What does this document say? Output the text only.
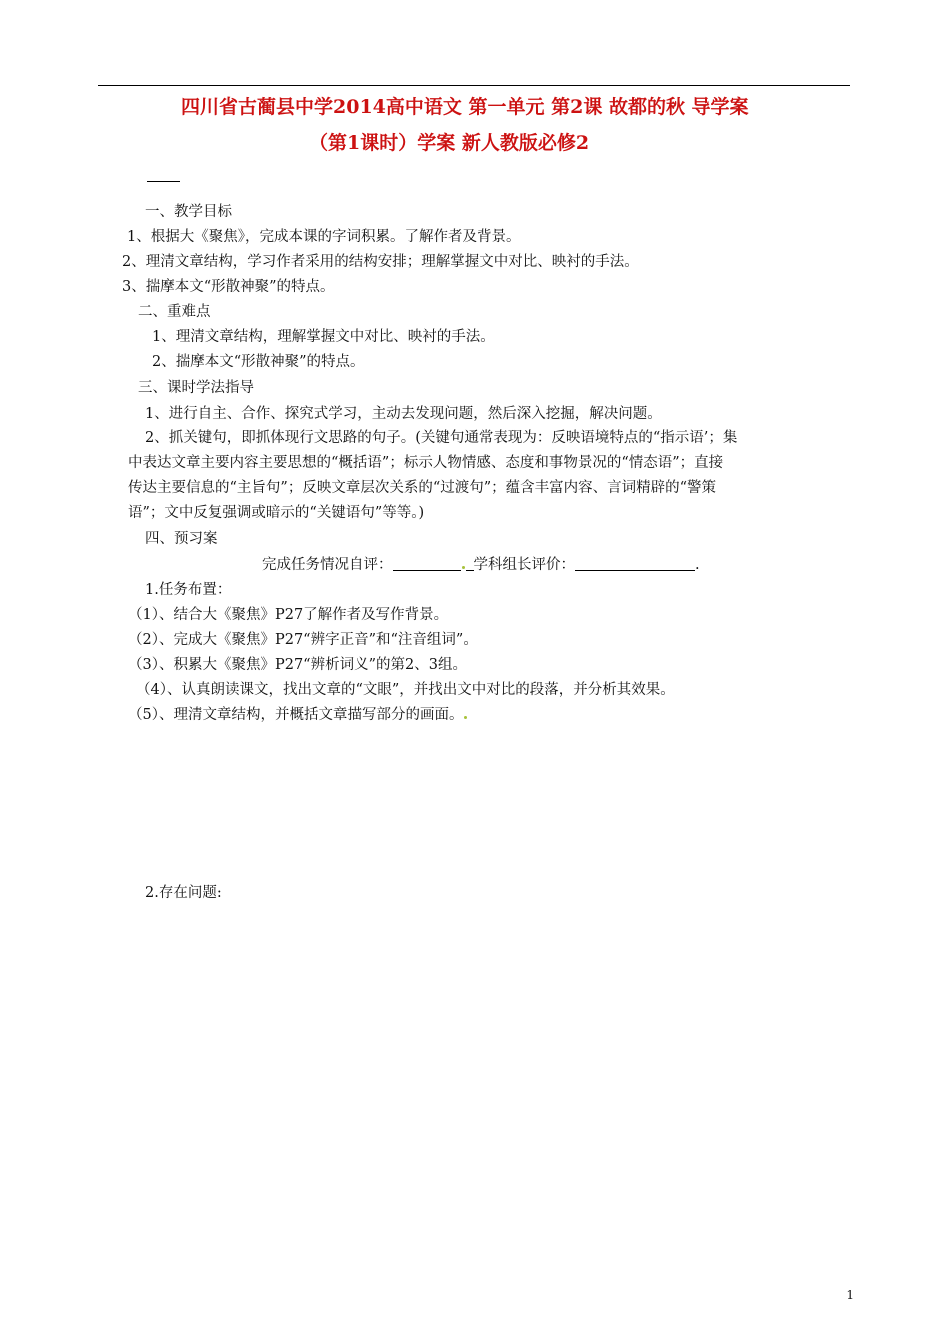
四川省古蔺县中学2014高中语文 第一单元 第2课 故都的秋 导学案
（第1课时）学案 新人教版必修2
一、教学目标
1、根据大《聚焦》，完成本课的字词积累。了解作者及背景。
2、理清文章结构，学习作者采用的结构安排；理解掌握文中对比、映衬的手法。
3、揣摩本文“形散神聚”的特点。
二、重难点
1、理清文章结构，理解掌握文中对比、映衬的手法。
2、揣摩本文“形散神聚”的特点。
三、课时学法指导
1、进行自主、合作、探究式学习，主动去发现问题，然后深入挖掘，解决问题。
2、抓关键句，即抓体现行文思路的句子。(关键句通常表现为：反映语境特点的“指示语’；集
中表达文章主要内容主要思想的“概括语”；标示人物情感、态度和事物景况的“情态语”；直接
传达主要信息的“主旨句”；反映文章层次关系的“过渡句”；蕴含丰富内容、言词精辟的“警策
语”；文中反复强调或暗示的“关键语句”等等。)
四、预习案
完成任务情况自评：	学科组长评价：	.
1.任务布置：
（1）、结合大《聚焦》P27了解作者及写作背景。
（2）、完成大《聚焦》P27“辨字正音”和“注音组词”。
（3）、积累大《聚焦》P27“辨析词义”的第2、3组。
（4）、认真朗读课文，找出文章的“文眼”，并找出文中对比的段落，并分析其效果。
（5）、理清文章结构，并概括文章描写部分的画面。
2.存在问题:
1
